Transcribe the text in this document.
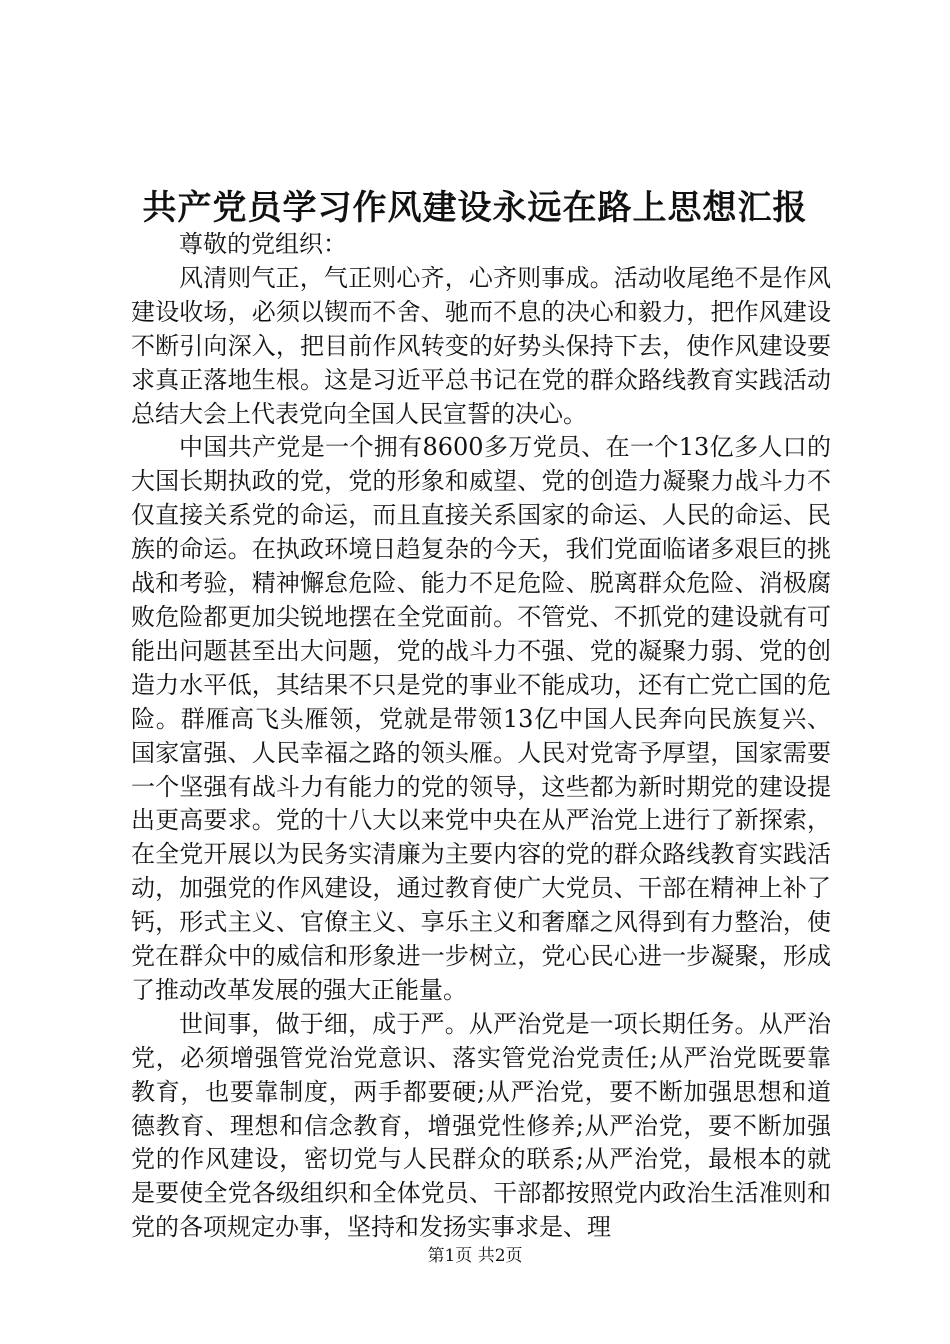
共产党员学习作风建设永远在路上思想汇报

尊敬的党组织：

风清则气正，气正则心齐，心齐则事成。活动收尾绝不是作风建设收场，必须以锲而不舍、驰而不息的决心和毅力，把作风建设不断引向深入，把目前作风转变的好势头保持下去，使作风建设要求真正落地生根。这是习近平总书记在党的群众路线教育实践活动总结大会上代表党向全国人民宣誓的决心。

中国共产党是一个拥有8600多万党员、在一个13亿多人口的大国长期执政的党，党的形象和威望、党的创造力凝聚力战斗力不仅直接关系党的命运，而且直接关系国家的命运、人民的命运、民族的命运。在执政环境日趋复杂的今天，我们党面临诸多艰巨的挑战和考验，精神懈怠危险、能力不足危险、脱离群众危险、消极腐败危险都更加尖锐地摆在全党面前。不管党、不抓党的建设就有可能出问题甚至出大问题，党的战斗力不强、党的凝聚力弱、党的创造力水平低，其结果不只是党的事业不能成功，还有亡党亡国的危险。群雁高飞头雁领，党就是带领13亿中国人民奔向民族复兴、国家富强、人民幸福之路的领头雁。人民对党寄予厚望，国家需要一个坚强有战斗力有能力的党的领导，这些都为新时期党的建设提出更高要求。党的十八大以来党中央在从严治党上进行了新探索，在全党开展以为民务实清廉为主要内容的党的群众路线教育实践活动，加强党的作风建设，通过教育使广大党员、干部在精神上补了钙，形式主义、官僚主义、享乐主义和奢靡之风得到有力整治，使党在群众中的威信和形象进一步树立，党心民心进一步凝聚，形成了推动改革发展的强大正能量。

世间事，做于细，成于严。从严治党是一项长期任务。从严治党，必须增强管党治党意识、落实管党治党责任;从严治党既要靠教育，也要靠制度，两手都要硬;从严治党，要不断加强思想和道德教育、理想和信念教育，增强党性修养;从严治党，要不断加强党的作风建设，密切党与人民群众的联系;从严治党，最根本的就是要使全党各级组织和全体党员、干部都按照党内政治生活准则和党的各项规定办事，坚持和发扬实事求是、理

第1页 共2页
